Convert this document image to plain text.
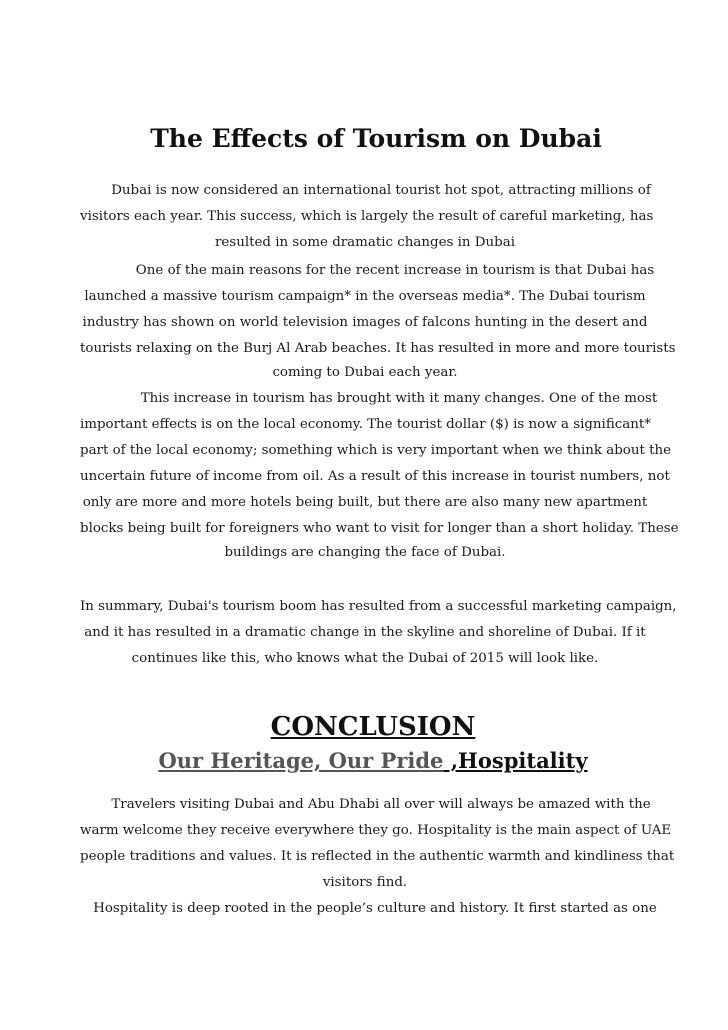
The Effects of Tourism on Dubai
Dubai is now considered an international tourist hot spot, attracting millions of
visitors each year. This success, which is largely the result of careful marketing, has
resulted in some dramatic changes in Dubai
One of the main reasons for the recent increase in tourism is that Dubai has
launched a massive tourism campaign* in the overseas media*. The Dubai tourism
industry has shown on world television images of falcons hunting in the desert and
tourists relaxing on the Burj Al Arab beaches. It has resulted in more and more tourists
coming to Dubai each year.
This increase in tourism has brought with it many changes. One of the most
important effects is on the local economy. The tourist dollar ($) is now a significant*
part of the local economy; something which is very important when we think about the
uncertain future of income from oil. As a result of this increase in tourist numbers, not
only are more and more hotels being built, but there are also many new apartment
blocks being built for foreigners who want to visit for longer than a short holiday. These
buildings are changing the face of Dubai.
In summary, Dubai's tourism boom has resulted from a successful marketing campaign,
and it has resulted in a dramatic change in the skyline and shoreline of Dubai. If it
continues like this, who knows what the Dubai of 2015 will look like.
CONCLUSION
Our Heritage, Our Pride ,Hospitality
Travelers visiting Dubai and Abu Dhabi all over will always be amazed with the
warm welcome they receive everywhere they go. Hospitality is the main aspect of UAE
people traditions and values. It is reflected in the authentic warmth and kindliness that
visitors find.
Hospitality is deep rooted in the people’s culture and history. It first started as one
